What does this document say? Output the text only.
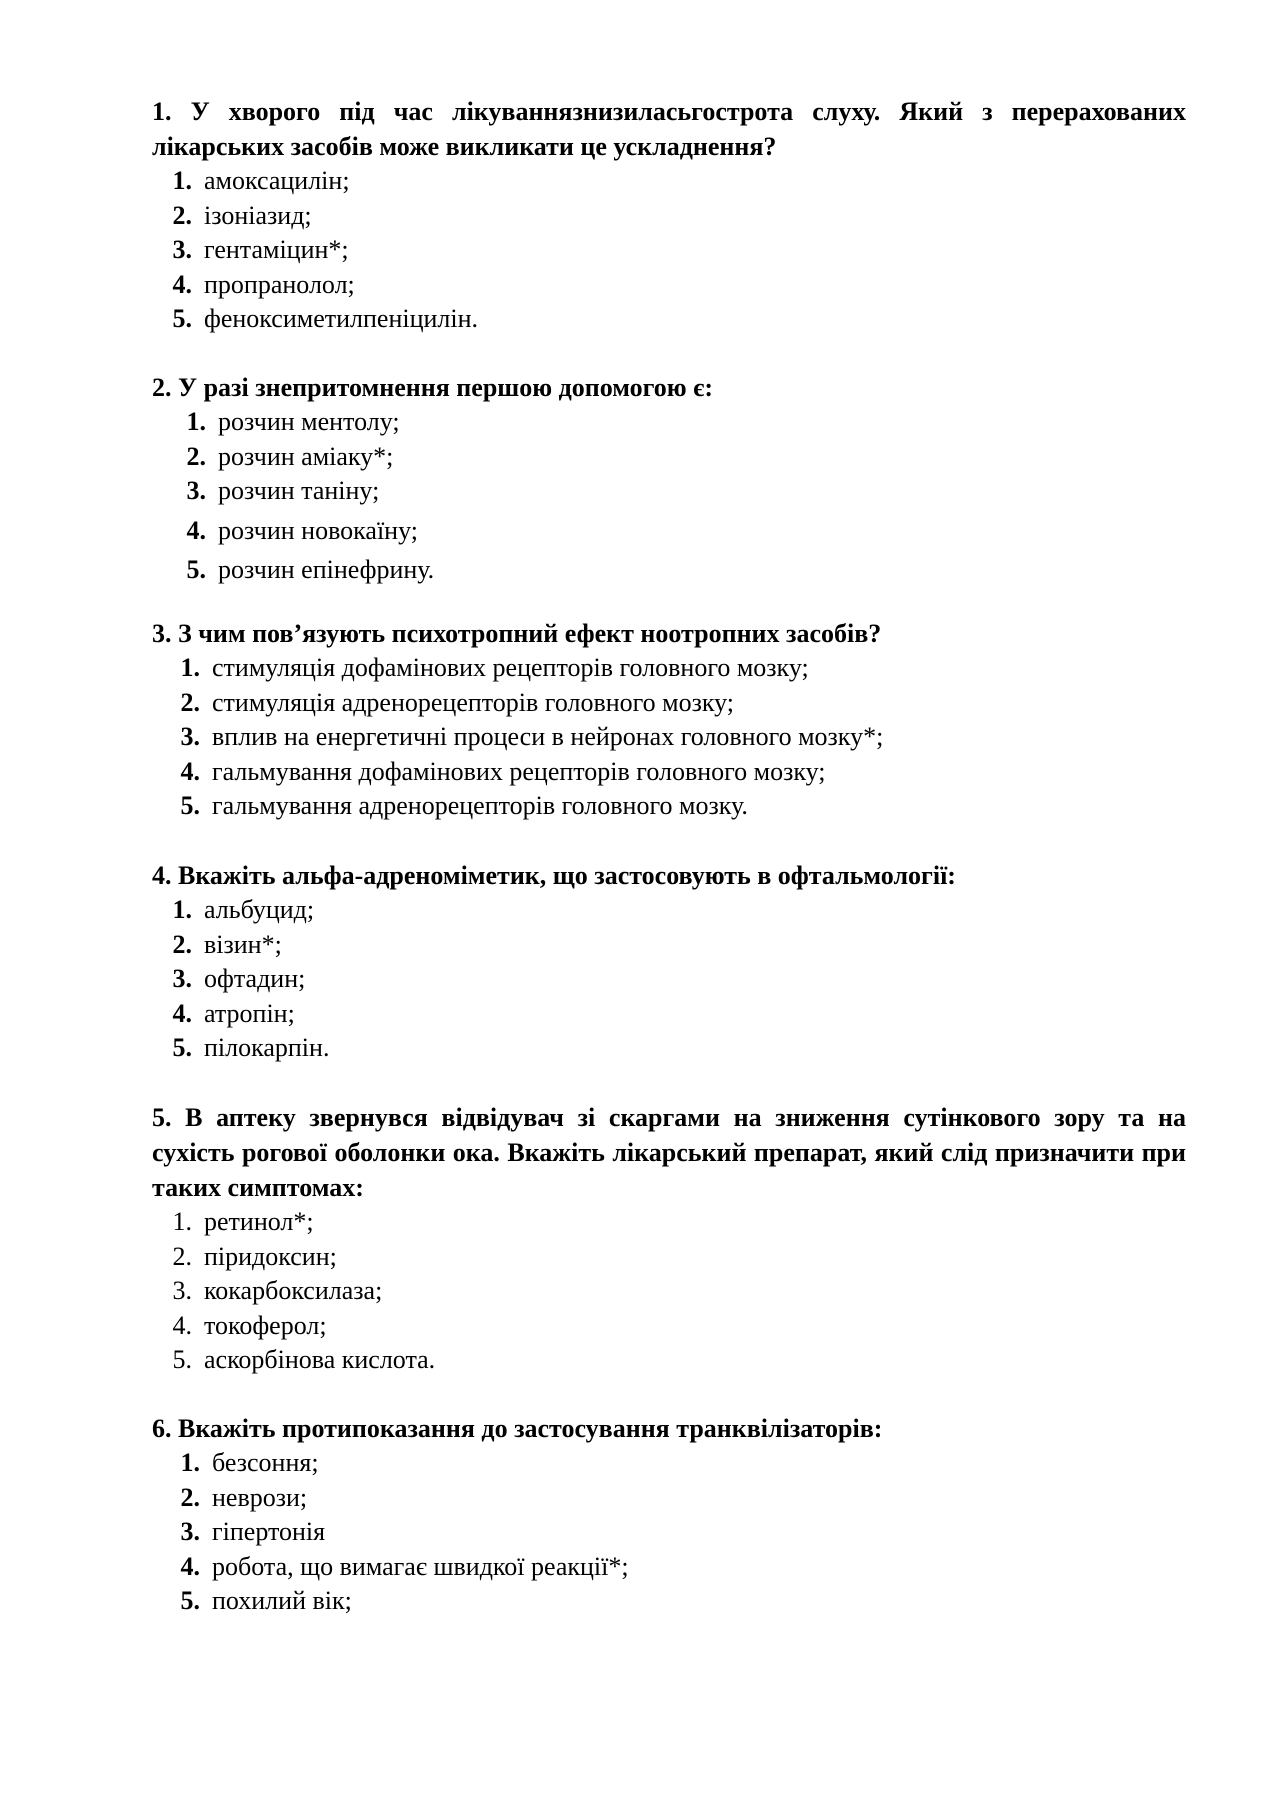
1. У хворого під час лікуваннязнизиласьгострота слуху. Який з перерахованих лікарських засобів може викликати це ускладнення?

1. амоксацилін;
2. ізоніазид;
3. гентаміцин*;
4. пропранолол;
5. феноксиметилпеніцилін.

2. У разі знепритомнення першою допомогою є:

1. розчин ментолу;
2. розчин аміаку*;
3. розчин таніну;
4. розчин новокаїну;
5. розчин епінефрину.

3. З чим пов’язують психотропний ефект ноотропних засобів?

1. стимуляція дофамінових рецепторів головного мозку;
2. стимуляція адренорецепторів головного мозку;
3. вплив на енергетичні процеси в нейронах головного мозку*;
4. гальмування дофамінових рецепторів головного мозку;
5. гальмування адренорецепторів головного мозку.

4. Вкажіть альфа-адреноміметик, що застосовують в офтальмології:

1. альбуцид;
2. візин*;
3. офтадин;
4. атропін;
5. пілокарпін.

5. В аптеку звернувся відвідувач зі скаргами на зниження сутінкового зору та на сухість рогової оболонки ока. Вкажіть лікарський препарат, який слід призначити при таких симптомах:

1. ретинол*;
2. піридоксин;
3. кокарбоксилаза;
4. токоферол;
5. аскорбінова кислота.

6. Вкажіть протипоказання до застосування транквілізаторів:

1. безсоння;
2. неврози;
3. гіпертонія
4. робота, що вимагає швидкої реакції*;
5. похилий вік;
